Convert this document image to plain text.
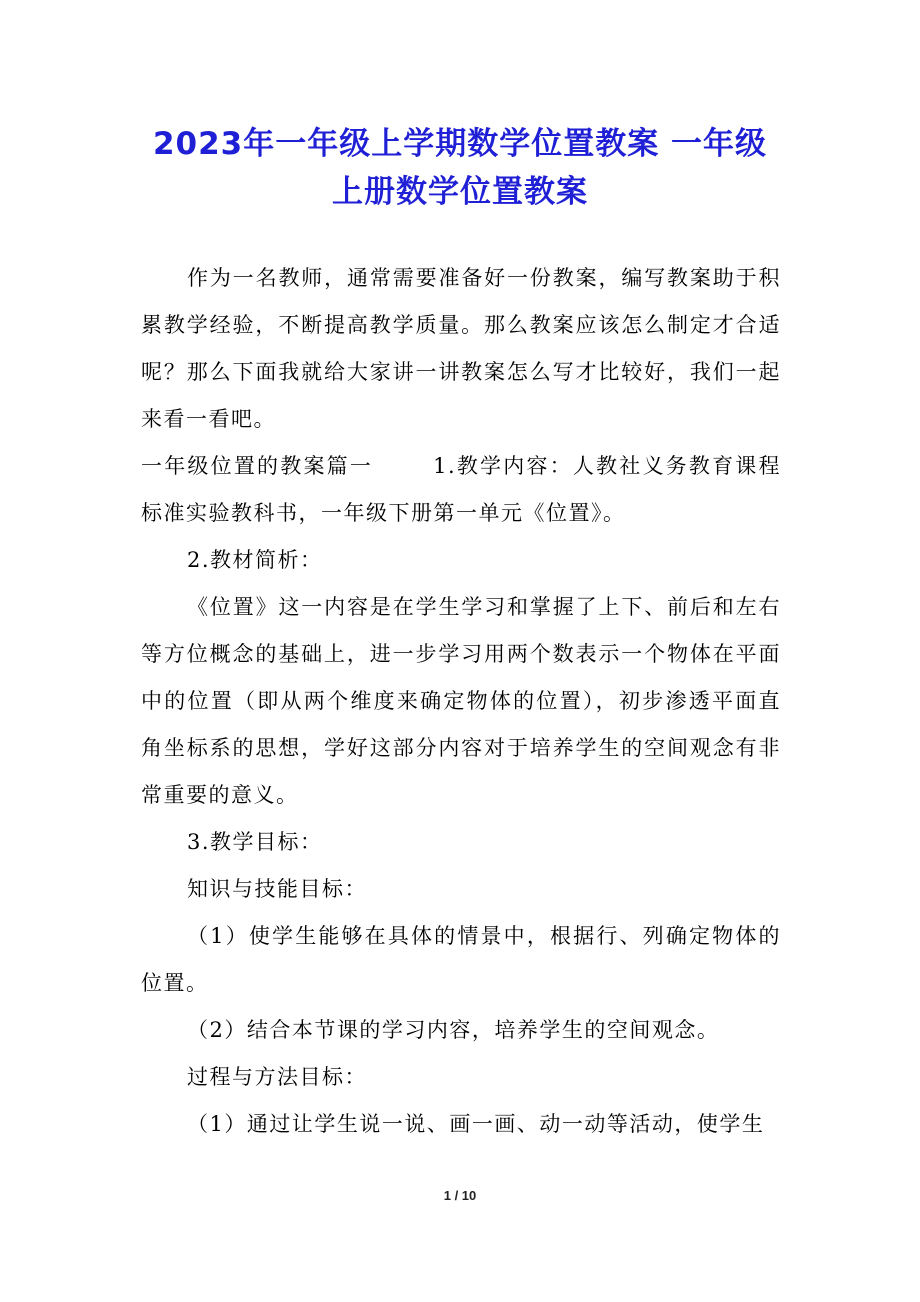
2023年一年级上学期数学位置教案 一年级
上册数学位置教案

作为一名教师，通常需要准备好一份教案，编写教案助于积累教学经验，不断提高教学质量。那么教案应该怎么制定才合适呢？那么下面我就给大家讲一讲教案怎么写才比较好，我们一起来看一看吧。

一年级位置的教案篇一	1.教学内容：人教社义务教育课程标准实验教科书，一年级下册第一单元《位置》。

2.教材简析：

《位置》这一内容是在学生学习和掌握了上下、前后和左右等方位概念的基础上，进一步学习用两个数表示一个物体在平面中的位置（即从两个维度来确定物体的位置），初步渗透平面直角坐标系的思想，学好这部分内容对于培养学生的空间观念有非常重要的意义。

3.教学目标：

知识与技能目标：

（1）使学生能够在具体的情景中，根据行、列确定物体的位置。

（2）结合本节课的学习内容，培养学生的空间观念。

过程与方法目标：

（1）通过让学生说一说、画一画、动一动等活动，使学生

1 / 10
